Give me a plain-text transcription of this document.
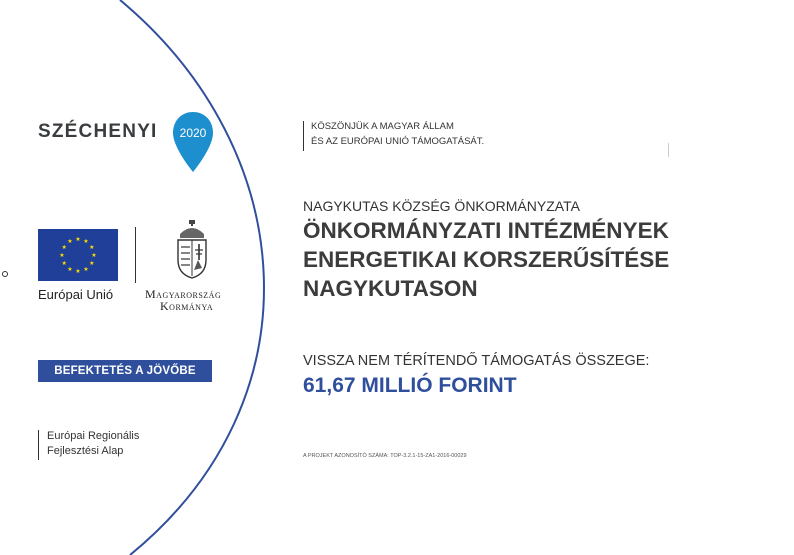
SZÉCHENYI 2020
★ ★
★
★
★
★
★
★
★
★
★
★
Európai Unió	Magyarország
Kormánya
BEFEKTETÉS A JÖVŐBE
Európai Regionális
Fejlesztési Alap
KÖSZÖNJÜK A MAGYAR ÁLLAM
ÉS AZ EURÓPAI UNIÓ TÁMOGATÁSÁT.
NAGYKUTAS KÖZSÉG ÖNKORMÁNYZATA
ÖNKORMÁNYZATI INTÉZMÉNYEK
ENERGETIKAI KORSZERŰSÍTÉSE
NAGYKUTASON
VISSZA NEM TÉRÍTENDŐ TÁMOGATÁS ÖSSZEGE:
61,67 MILLIÓ FORINT
A PROJEKT AZONOSÍTÓ SZÁMA: TOP-3.2.1-15-ZA1-2016-00029
